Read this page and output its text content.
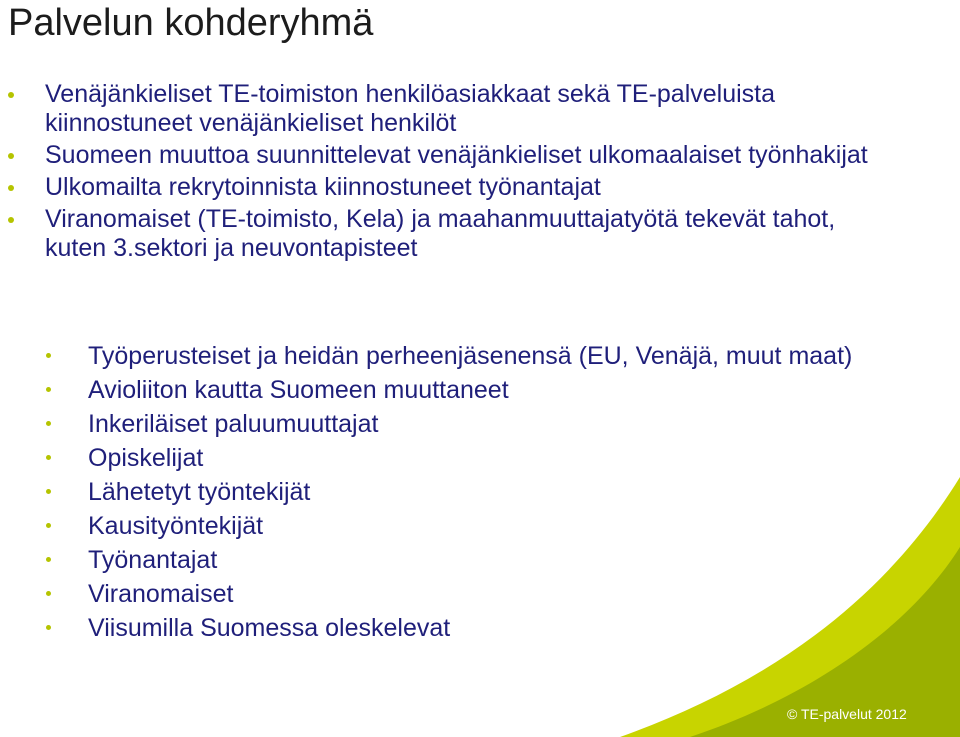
Palvelun kohderyhmä
Venäjänkieliset TE-toimiston henkilöasiakkaat sekä TE-palveluista kiinnostuneet venäjänkieliset henkilöt
Suomeen muuttoa suunnittelevat venäjänkieliset ulkomaalaiset työnhakijat
Ulkomailta rekrytoinnista kiinnostuneet työnantajat
Viranomaiset (TE-toimisto, Kela) ja maahanmuuttajatyötä tekevät tahot, kuten 3.sektori ja neuvontapisteet
Työperusteiset ja heidän perheenjäsenensä (EU, Venäjä, muut maat)
Avioliiton kautta Suomeen muuttaneet
Inkeriläiset paluumuuttajat
Opiskelijat
Lähetetyt työntekijät
Kausityöntekijät
Työnantajat
Viranomaiset
Viisumilla Suomessa oleskelevat
© TE-palvelut 2012
